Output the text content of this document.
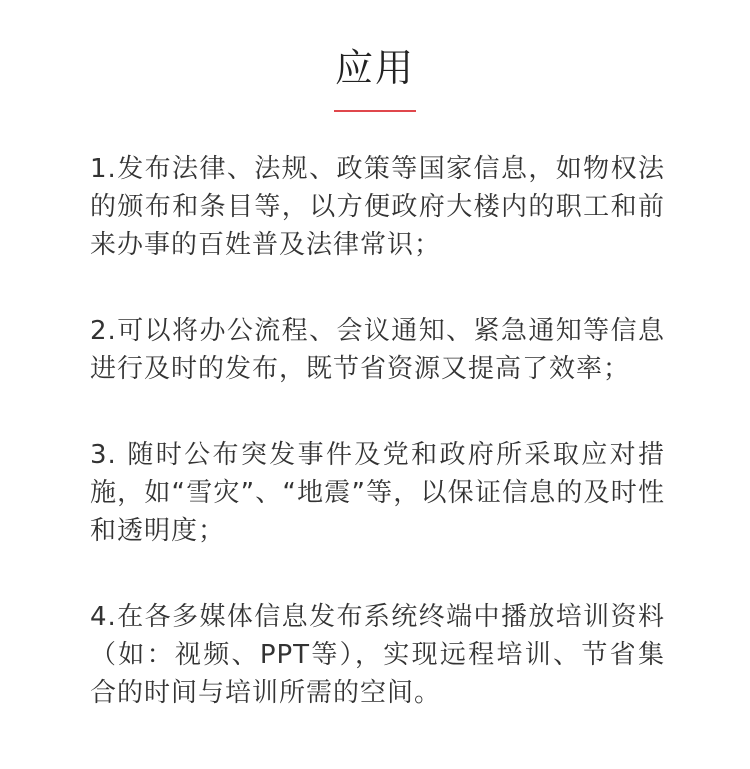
应用

1.发布法律、法规、政策等国家信息，如物权法的颁布和条目等，以方便政府大楼内的职工和前来办事的百姓普及法律常识；

2.可以将办公流程、会议通知、紧急通知等信息进行及时的发布，既节省资源又提高了效率；

3. 随时公布突发事件及党和政府所采取应对措施，如“雪灾”、“地震”等，以保证信息的及时性和透明度；

4.在各多媒体信息发布系统终端中播放培训资料（如：视频、PPT等），实现远程培训、节省集合的时间与培训所需的空间。
